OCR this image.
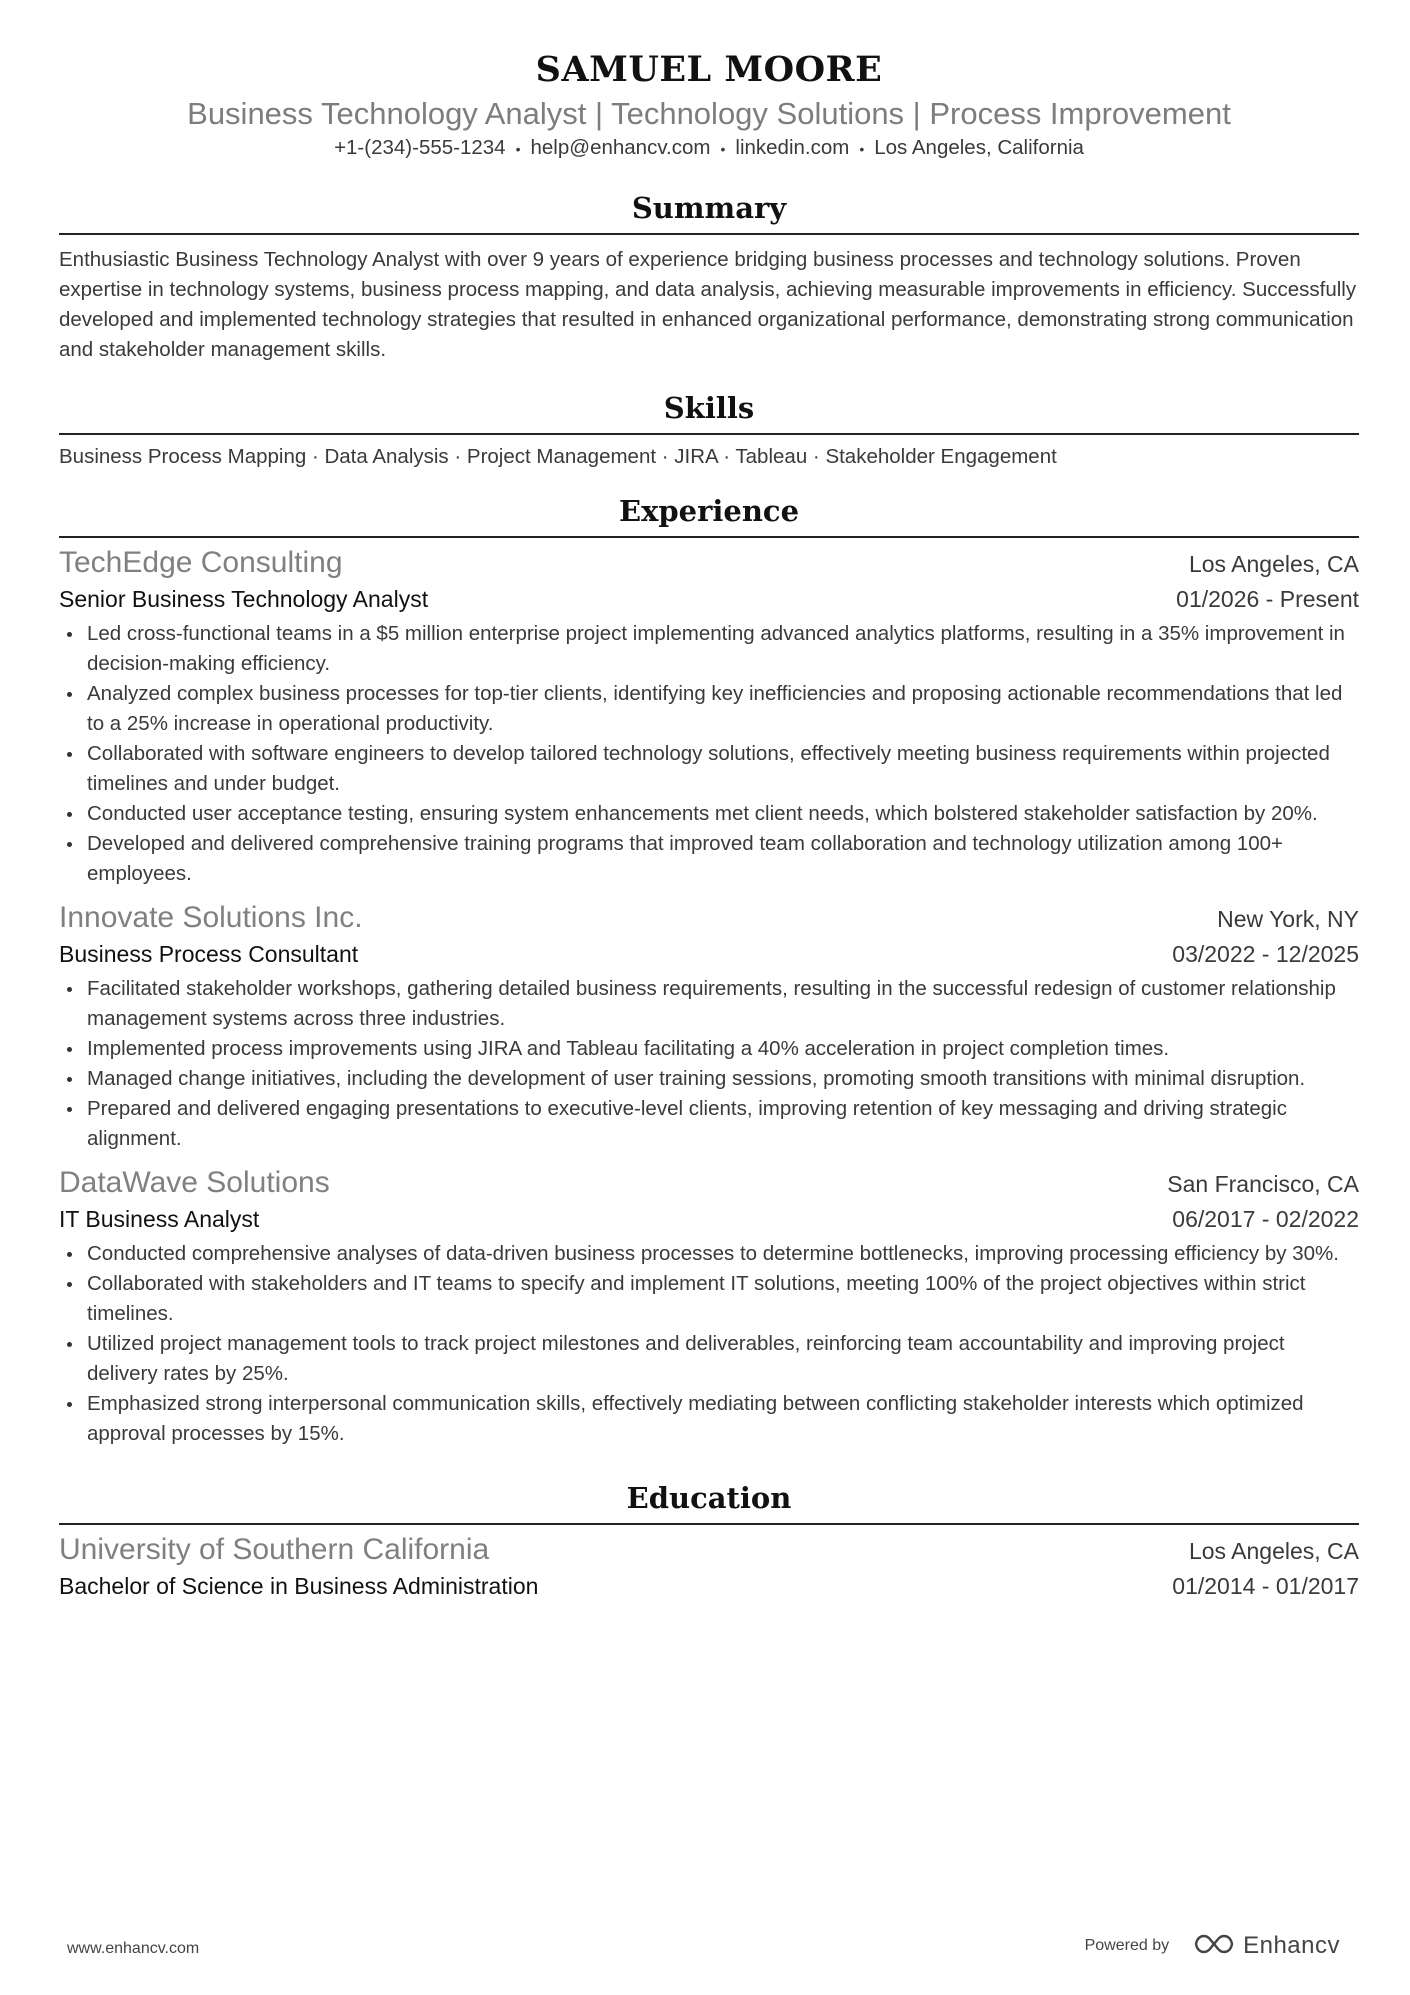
SAMUEL MOORE
Business Technology Analyst | Technology Solutions | Process Improvement
+1-(234)-555-1234 • help@enhancv.com • linkedin.com • Los Angeles, California
Summary
Enthusiastic Business Technology Analyst with over 9 years of experience bridging business processes and technology solutions. Proven expertise in technology systems, business process mapping, and data analysis, achieving measurable improvements in efficiency. Successfully developed and implemented technology strategies that resulted in enhanced organizational performance, demonstrating strong communication and stakeholder management skills.
Skills
Business Process Mapping · Data Analysis · Project Management · JIRA · Tableau · Stakeholder Engagement
Experience
TechEdge Consulting	Los Angeles, CA
Senior Business Technology Analyst	01/2026 - Present
Led cross-functional teams in a $5 million enterprise project implementing advanced analytics platforms, resulting in a 35% improvement in decision-making efficiency.
Analyzed complex business processes for top-tier clients, identifying key inefficiencies and proposing actionable recommendations that led to a 25% increase in operational productivity.
Collaborated with software engineers to develop tailored technology solutions, effectively meeting business requirements within projected timelines and under budget.
Conducted user acceptance testing, ensuring system enhancements met client needs, which bolstered stakeholder satisfaction by 20%.
Developed and delivered comprehensive training programs that improved team collaboration and technology utilization among 100+ employees.
Innovate Solutions Inc.	New York, NY
Business Process Consultant	03/2022 - 12/2025
Facilitated stakeholder workshops, gathering detailed business requirements, resulting in the successful redesign of customer relationship management systems across three industries.
Implemented process improvements using JIRA and Tableau facilitating a 40% acceleration in project completion times.
Managed change initiatives, including the development of user training sessions, promoting smooth transitions with minimal disruption.
Prepared and delivered engaging presentations to executive-level clients, improving retention of key messaging and driving strategic alignment.
DataWave Solutions	San Francisco, CA
IT Business Analyst	06/2017 - 02/2022
Conducted comprehensive analyses of data-driven business processes to determine bottlenecks, improving processing efficiency by 30%.
Collaborated with stakeholders and IT teams to specify and implement IT solutions, meeting 100% of the project objectives within strict timelines.
Utilized project management tools to track project milestones and deliverables, reinforcing team accountability and improving project delivery rates by 25%.
Emphasized strong interpersonal communication skills, effectively mediating between conflicting stakeholder interests which optimized approval processes by 15%.
Education
University of Southern California	Los Angeles, CA
Bachelor of Science in Business Administration	01/2014 - 01/2017
www.enhancv.com	Powered by	Enhancv
